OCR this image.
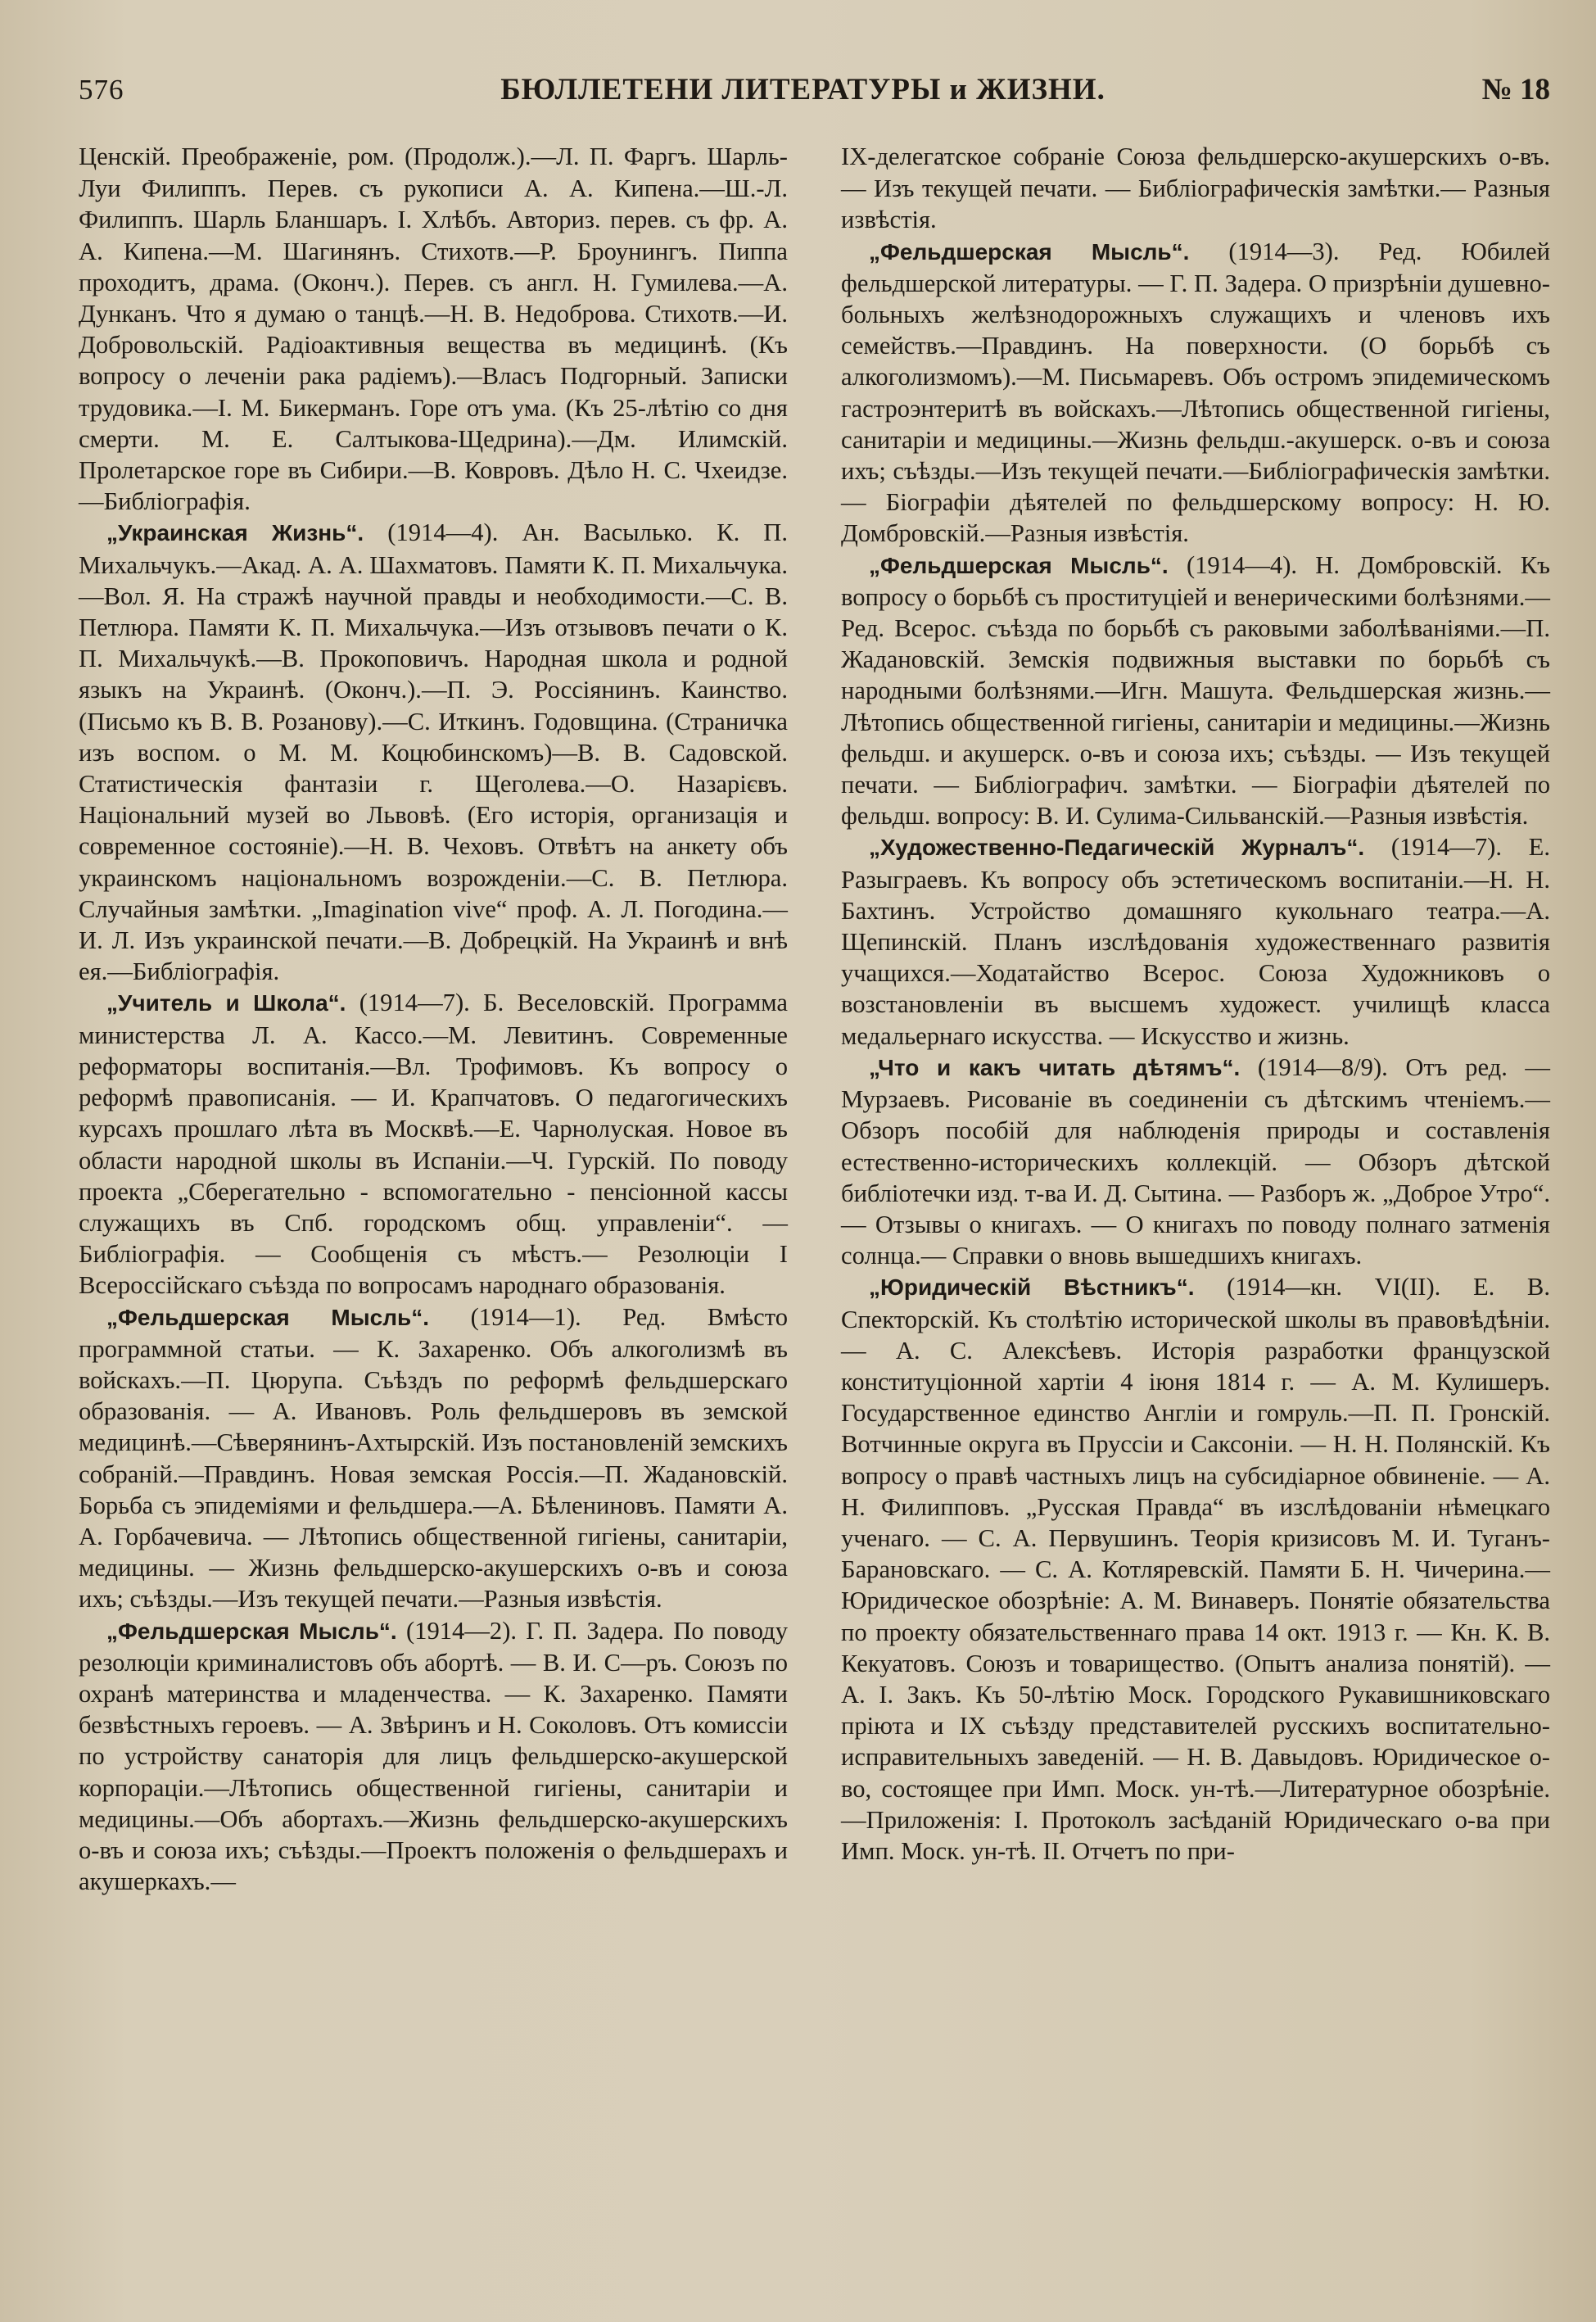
576	БЮЛЛЕТЕНИ ЛИТЕРАТУРЫ и ЖИЗНИ.	№ 18

Ценскій. Преображеніе, ром. (Продолж.).—Л. П. Фаргъ. Шарль-Луи Филиппъ. Перев. съ рукописи А. А. Кипена.—Ш.-Л. Филиппъ. Шарль Бланшаръ. І. Хлѣбъ. Авториз. перев. съ фр. А. А. Кипена.—М. Шагинянъ. Стихотв.—Р. Броунингъ. Пиппа проходитъ, драма. (Оконч.). Перев. съ англ. Н. Гумилева.—А. Дунканъ. Что я думаю о танцѣ.—Н. В. Недоброва. Стихотв.—И. Добровольскій. Радіоактивныя вещества въ медицинѣ. (Къ вопросу о леченіи рака радіемъ).—Власъ Подгорный. Записки трудовика.—І. М. Бикерманъ. Горе отъ ума. (Къ 25-лѣтію со дня смерти. М. Е. Салтыкова-Щедрина).—Дм. Илимскій. Пролетарское горе въ Сибири.—В. Ковровъ. Дѣло Н. С. Чхеидзе.—Библіографія.

„Украинская Жизнь“. (1914—4). Ан. Васылько. К. П. Михальчукъ.—Акад. А. А. Шахматовъ. Памяти К. П. Михальчука.—Вол. Я. На стражѣ научной правды и необходимости.—С. В. Петлюра. Памяти К. П. Михальчука.—Изъ отзывовъ печати о К. П. Михальчукѣ.—В. Прокоповичъ. Народная школа и родной языкъ на Украинѣ. (Оконч.).—П. Э. Россіянинъ. Каинство. (Письмо къ В. В. Розанову).—С. Иткинъ. Годовщина. (Страничка изъ воспом. о М. М. Коцюбинскомъ)—В. В. Садовской. Статистическія фантазіи г. Щеголева.—О. Назарієвъ. Національний музей во Львовѣ. (Его исторія, организація и современное состояніе).—Н. В. Чеховъ. Отвѣтъ на анкету объ украинскомъ національномъ возрожденіи.—С. В. Петлюра. Случайныя замѣтки. „Imagination vive“ проф. А. Л. Погодина.—И. Л. Изъ украинской печати.—В. Добрецкій. На Украинѣ и внѣ ея.—Библіографія.

„Учитель и Школа“. (1914—7). Б. Веселовскій. Программа министерства Л. А. Кассо.—М. Левитинъ. Современные реформаторы воспитанія.—Вл. Трофимовъ. Къ вопросу о реформѣ правописанія. — И. Крапчатовъ. О педагогическихъ курсахъ прошлаго лѣта въ Москвѣ.—Е. Чарнолуская. Новое въ области народной школы въ Испаніи.—Ч. Гурскій. По поводу проекта „Сберегательно - вспомогательно - пенсіонной кассы служащихъ въ Спб. городскомъ общ. управленіи“. — Библіографія. — Сообщенія съ мѣстъ.— Резолюціи I Всероссійскаго съѣзда по вопросамъ народнаго образованія.

„Фельдшерская Мысль“. (1914—1). Ред. Вмѣсто программной статьи. — К. Захаренко. Объ алкоголизмѣ въ войскахъ.—П. Цюрупа. Съѣздъ по реформѣ фельдшерскаго образованія. — А. Ивановъ. Роль фельдшеровъ въ земской медицинѣ.—Сѣверянинъ-Ахтырскій. Изъ постановленій земскихъ собраній.—Правдинъ. Новая земская Россія.—П. Жадановскій. Борьба съ эпидеміями и фельдшера.—А. Бѣлениновъ. Памяти А. А. Горбачевича. — Лѣтопись общественной гигіены, санитаріи, медицины. — Жизнь фельдшерско-акушерскихъ о-въ и союза ихъ; съѣзды.—Изъ текущей печати.—Разныя извѣстія.

„Фельдшерская Мысль“. (1914—2). Г. П. Задера. По поводу резолюціи криминалистовъ объ абортѣ. — В. И. С—ръ. Союзъ по охранѣ материнства и младенчества. — К. Захаренко. Памяти безвѣстныхъ героевъ. — А. Звѣринъ и Н. Соколовъ. Отъ комиссіи по устройству санаторія для лицъ фельдшерско-акушерской корпораціи.—Лѣтопись общественной гигіены, санитаріи и медицины.—Объ абортахъ.—Жизнь фельдшерско-акушерскихъ о-въ и союза ихъ; съѣзды.—Проектъ положенія о фельдшерахъ и акушеркахъ.—

IX-делегатское собраніе Союза фельдшерско-акушерскихъ о-въ. — Изъ текущей печати. — Библіографическія замѣтки.— Разныя извѣстія.

„Фельдшерская Мысль“. (1914—3). Ред. Юбилей фельдшерской литературы. — Г. П. Задера. О призрѣніи душевно-больныхъ желѣзнодорожныхъ служащихъ и членовъ ихъ семействъ.—Правдинъ. На поверхности. (О борьбѣ съ алкоголизмомъ).—М. Письмаревъ. Объ остромъ эпидемическомъ гастроэнтеритѣ въ войскахъ.—Лѣтопись общественной гигіены, санитаріи и медицины.—Жизнь фельдш.-акушерск. о-въ и союза ихъ; съѣзды.—Изъ текущей печати.—Библіографическія замѣтки. — Біографіи дѣятелей по фельдшерскому вопросу: Н. Ю. Домбровскій.—Разныя извѣстія.

„Фельдшерская Мысль“. (1914—4). Н. Домбровскій. Къ вопросу о борьбѣ съ проституціей и венерическими болѣзнями.—Ред. Всерос. съѣзда по борьбѣ съ раковыми заболѣваніями.—П. Жадановскій. Земскія подвижныя выставки по борьбѣ съ народными болѣзнями.—Игн. Машута. Фельдшерская жизнь.—Лѣтопись общественной гигіены, санитаріи и медицины.—Жизнь фельдш. и акушерск. о-въ и союза ихъ; съѣзды. — Изъ текущей печати. — Библіографич. замѣтки. — Біографіи дѣятелей по фельдш. вопросу: В. И. Сулима-Сильванскій.—Разныя извѣстія.

„Художественно-Педагическій Журналъ“. (1914—7). Е. Разыграевъ. Къ вопросу объ эстетическомъ воспитаніи.—Н. Н. Бахтинъ. Устройство домашняго кукольнаго театра.—А. Щепинскій. Планъ изслѣдованія художественнаго развитія учащихся.—Ходатайство Всерос. Союза Художниковъ о возстановленіи въ высшемъ художест. училищѣ класса медальернаго искусства. — Искусство и жизнь.

„Что и какъ читать дѣтямъ“. (1914—8/9). Отъ ред. — Мурзаевъ. Рисованіе въ соединеніи съ дѣтскимъ чтеніемъ.—Обзоръ пособій для наблюденія природы и составленія естественно-историческихъ коллекцій. — Обзоръ дѣтской библіотечки изд. т-ва И. Д. Сытина. — Разборъ ж. „Доброе Утро“. — Отзывы о книгахъ. — О книгахъ по поводу полнаго затменія солнца.— Справки о вновь вышедшихъ книгахъ.

„Юридическій Вѣстникъ“. (1914—кн. VI(II). Е. В. Спекторскій. Къ столѣтію исторической школы въ правовѣдѣніи. — А. С. Алексѣевъ. Исторія разработки французской конституціонной хартіи 4 іюня 1814 г. — А. М. Кулишеръ. Государственное единство Англіи и гомруль.—П. П. Гронскій. Вотчинные округа въ Пруссіи и Саксоніи. — Н. Н. Полянскій. Къ вопросу о правѣ частныхъ лицъ на субсидіарное обвиненіе. — А. Н. Филипповъ. „Русская Правда“ въ изслѣдованіи нѣмецкаго ученаго. — С. А. Первушинъ. Теорія кризисовъ М. И. Туганъ-Барановскаго. — С. А. Котляревскій. Памяти Б. Н. Чичерина.—Юридическое обозрѣніе: А. М. Винаверъ. Понятіе обязательства по проекту обязательственнаго права 14 окт. 1913 г. — Кн. К. В. Кекуатовъ. Союзъ и товарищество. (Опытъ анализа понятій). — А. І. Закъ. Къ 50-лѣтію Моск. Городского Рукавишниковскаго пріюта и IX съѣзду представителей русскихъ воспитательно-исправительныхъ заведеній. — Н. В. Давыдовъ. Юридическое о-во, состоящее при Имп. Моск. ун-тѣ.—Литературное обозрѣніе.—Приложенія: І. Протоколъ засѣданій Юридическаго о-ва при Имп. Моск. ун-тѣ. II. Отчетъ по при-
